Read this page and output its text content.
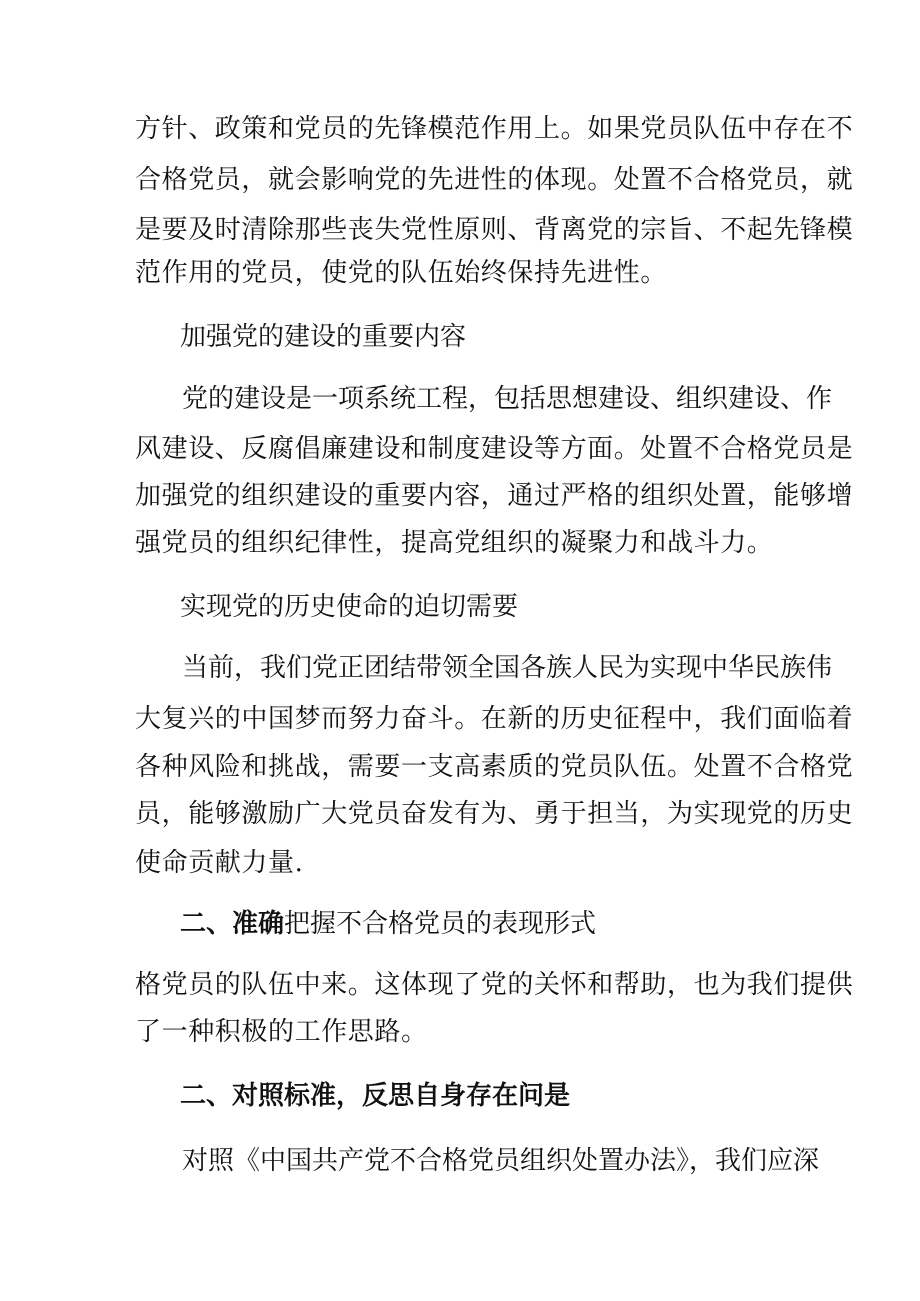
方针、政策和党员的先锋模范作用上。如果党员队伍中存在不
合格党员，就会影响党的先进性的体现。处置不合格党员，就
是要及时清除那些丧失党性原则、背离党的宗旨、不起先锋模
范作用的党员，使党的队伍始终保持先进性。
加强党的建设的重要内容
党的建设是一项系统工程，包括思想建设、组织建设、作
风建设、反腐倡廉建设和制度建设等方面。处置不合格党员是
加强党的组织建设的重要内容，通过严格的组织处置，能够增
强党员的组织纪律性，提高党组织的凝聚力和战斗力。
实现党的历史使命的迫切需要
当前，我们党正团结带领全国各族人民为实现中华民族伟
大复兴的中国梦而努力奋斗。在新的历史征程中，我们面临着
各种风险和挑战，需要一支高素质的党员队伍。处置不合格党
员，能够激励广大党员奋发有为、勇于担当，为实现党的历史
使命贡献力量.
二、准确把握不合格党员的表现形式
格党员的队伍中来。这体现了党的关怀和帮助，也为我们提供
了一种积极的工作思路。
二、对照标准，反思自身存在问是
对照《中国共产党不合格党员组织处置办法》，我们应深
